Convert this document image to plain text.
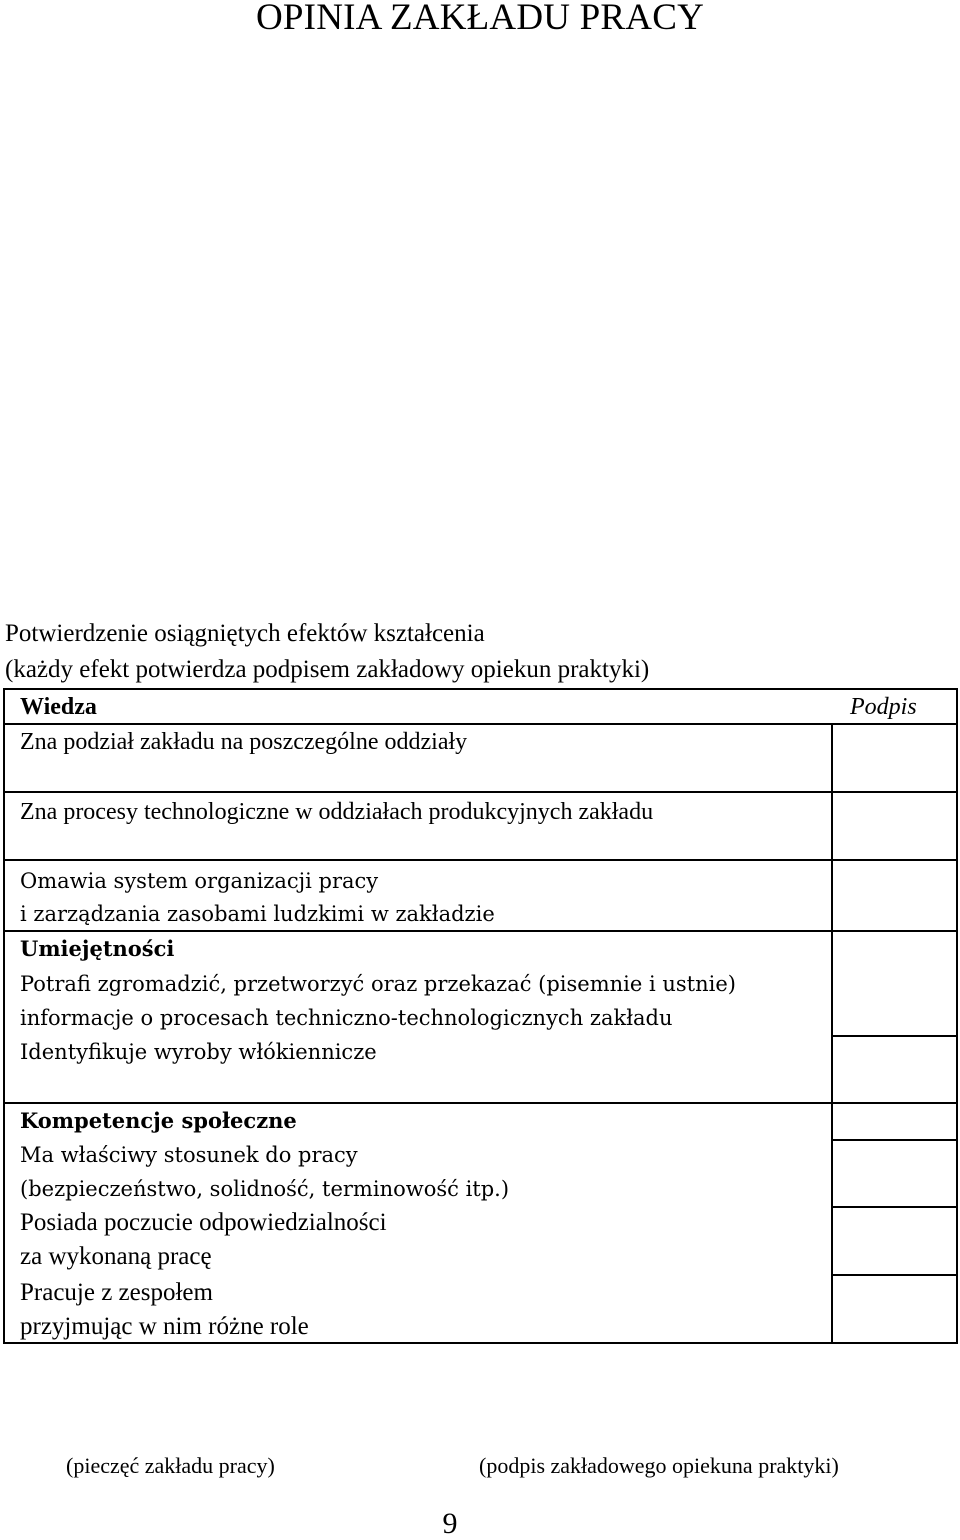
OPINIA ZAKŁADU PRACY
Potwierdzenie osiągniętych efektów kształcenia
(każdy efekt potwierdza podpisem zakładowy opiekun praktyki)
Wiedza	Podpis
Zna podział zakładu na poszczególne oddziały
Zna procesy technologiczne w oddziałach produkcyjnych zakładu
Omawia system organizacji pracy
i zarządzania zasobami ludzkimi w zakładzie
Umiejętności
Potrafi zgromadzić, przetworzyć oraz przekazać (pisemnie i ustnie)
informacje o procesach techniczno-technologicznych zakładu
Identyfikuje wyroby włókiennicze
Kompetencje społeczne
Ma właściwy stosunek do pracy
(bezpieczeństwo, solidność, terminowość itp.)
Posiada poczucie odpowiedzialności
za wykonaną pracę
Pracuje z zespołem
przyjmując w nim różne role
(pieczęć zakładu pracy)	(podpis zakładowego opiekuna praktyki)
9
